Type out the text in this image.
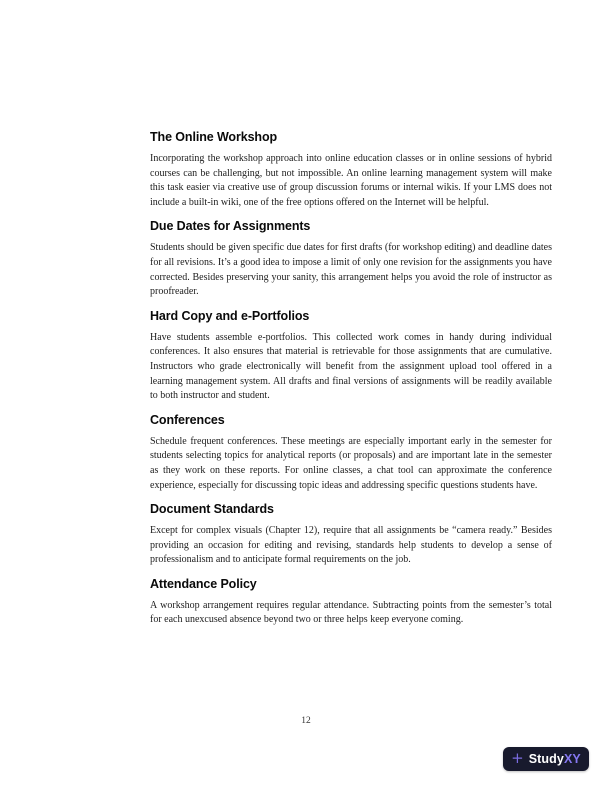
The Online Workshop

Incorporating the workshop approach into online education classes or in online sessions of hybrid courses can be challenging, but not impossible. An online learning management system will make this task easier via creative use of group discussion forums or internal wikis. If your LMS does not include a built-in wiki, one of the free options offered on the Internet will be helpful.

Due Dates for Assignments

Students should be given specific due dates for first drafts (for workshop editing) and deadline dates for all revisions. It’s a good idea to impose a limit of only one revision for the assignments you have corrected. Besides preserving your sanity, this arrangement helps you avoid the role of instructor as proofreader.

Hard Copy and e-Portfolios

Have students assemble e-portfolios. This collected work comes in handy during individual conferences. It also ensures that material is retrievable for those assignments that are cumulative. Instructors who grade electronically will benefit from the assignment upload tool offered in a learning management system. All drafts and final versions of assignments will be readily available to both instructor and student.

Conferences

Schedule frequent conferences. These meetings are especially important early in the semester for students selecting topics for analytical reports (or proposals) and are important late in the semester as they work on these reports. For online classes, a chat tool can approximate the conference experience, especially for discussing topic ideas and addressing specific questions students have.

Document Standards

Except for complex visuals (Chapter 12), require that all assignments be “camera ready.” Besides providing an occasion for editing and revising, standards help students to develop a sense of professionalism and to anticipate formal requirements on the job.

Attendance Policy

A workshop arrangement requires regular attendance. Subtracting points from the semester’s total for each unexcused absence beyond two or three helps keep everyone coming.

12
+ StudyXY
